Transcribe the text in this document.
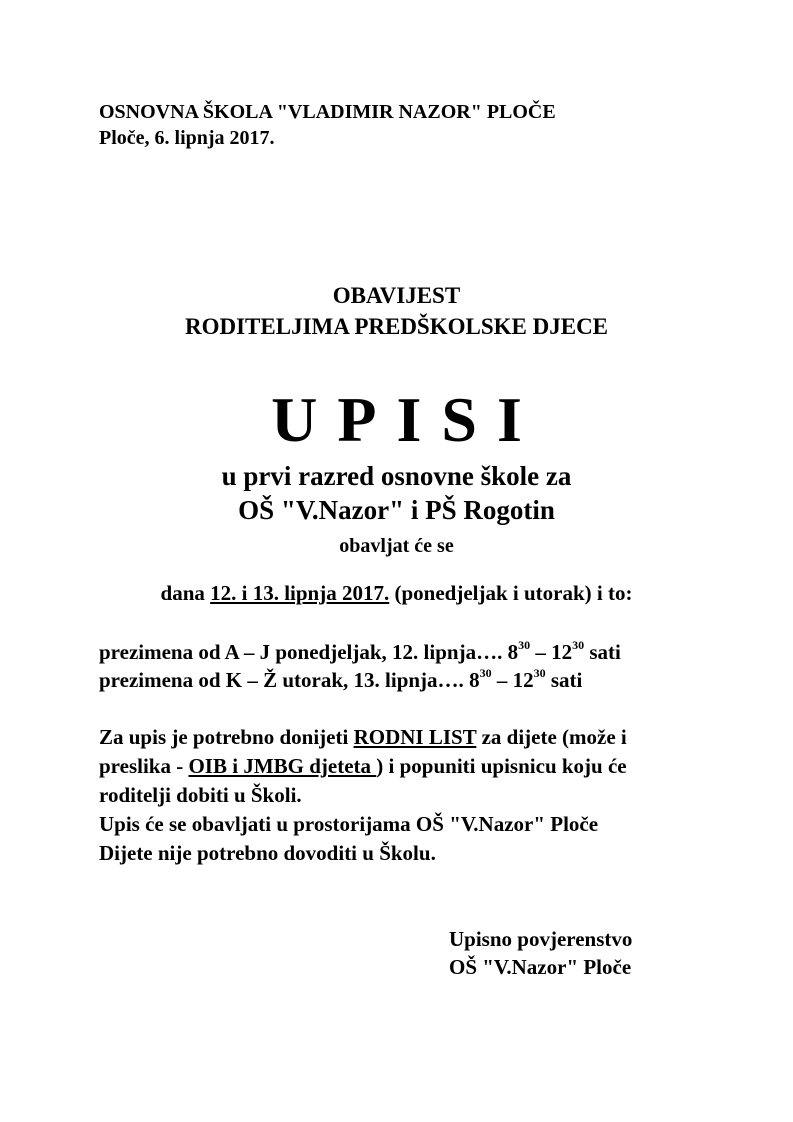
OSNOVNA ŠKOLA "VLADIMIR NAZOR" PLOČE
Ploče, 6. lipnja 2017.
OBAVIJEST
RODITELJIMA PREDŠKOLSKE DJECE
UPISI
u prvi razred osnovne škole za
OŠ "V.Nazor" i PŠ Rogotin
obavljat će se
dana 12. i 13. lipnja 2017. (ponedjeljak i utorak) i to:
prezimena od A – J ponedjeljak, 12. lipnja…. $8^{30} - 12^{30}$ sati
prezimena od K – Ž utorak, 13. lipnja…. $8^{30} - 12^{30}$ sati
Za upis je potrebno donijeti RODNI LIST za dijete (može i
preslika - OIB i JMBG djeteta ) i popuniti upisnicu koju će
roditelji dobiti u Školi.
Upis će se obavljati u prostorijama OŠ "V.Nazor" Ploče
Dijete nije potrebno dovoditi u Školu.
Upisno povjerenstvo
OŠ "V.Nazor" Ploče
